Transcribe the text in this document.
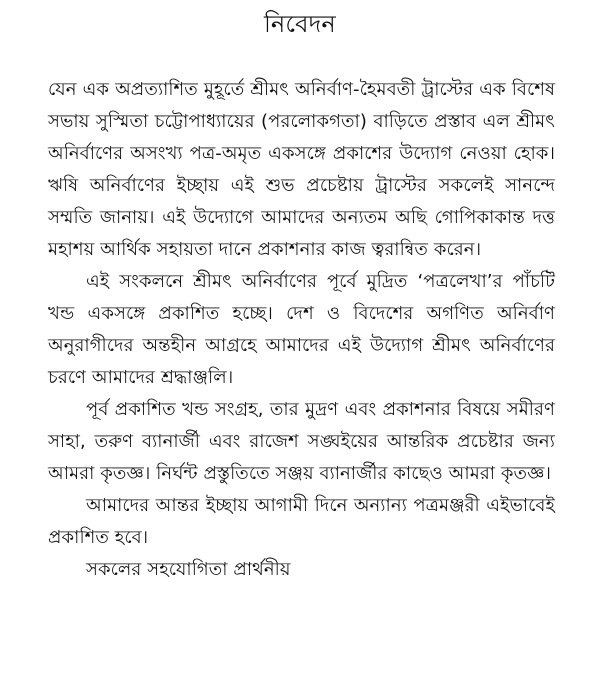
নিবেদন

যেন এক অপ্রত্যাশিত মুহূর্তে শ্রীমৎ অনির্বাণ-হৈমবতী ট্রাস্টের এক বিশেষ সভায় সুস্মিতা চট্টোপাধ্যায়ের (পরলোকগতা) বাড়িতে প্রস্তাব এল শ্রীমৎ অনির্বাণের অসংখ্য পত্র-অমৃত একসঙ্গে প্রকাশের উদ্যোগ নেওয়া হোক। ঋষি অনির্বাণের ইচ্ছায় এই শুভ প্রচেষ্টায় ট্রাস্টের সকলেই সানন্দে সম্মতি জানায়। এই উদ্যোগে আমাদের অন্যতম অছি গোপিকাকান্ত দত্ত মহাশয় আর্থিক সহায়তা দানে প্রকাশনার কাজ ত্বরান্বিত করেন।

এই সংকলনে শ্রীমৎ অনির্বাণের পূর্বে মুদ্রিত ‘পত্রলেখা’র পাঁচটি খন্ড একসঙ্গে প্রকাশিত হচ্ছে। দেশ ও বিদেশের অগণিত অনির্বাণ অনুরাগীদের অন্তহীন আগ্রহে আমাদের এই উদ্যোগ শ্রীমৎ অনির্বাণের চরণে আমাদের শ্রদ্ধাঞ্জলি।

পূর্ব প্রকাশিত খন্ড সংগ্রহ, তার মুদ্রণ এবং প্রকাশনার বিষয়ে সমীরণ সাহা, তরুণ ব্যানার্জী এবং রাজেশ সঙ্ঘইয়ের আন্তরিক প্রচেষ্টার জন্য আমরা কৃতজ্ঞ। নির্ঘন্ট প্রস্তুতিতে সঞ্জয় ব্যানার্জীর কাছেও আমরা কৃতজ্ঞ।

আমাদের আন্তর ইচ্ছায় আগামী দিনে অন্যান্য পত্রমঞ্জরী এইভাবেই প্রকাশিত হবে।

সকলের সহযোগিতা প্রার্থনীয়
